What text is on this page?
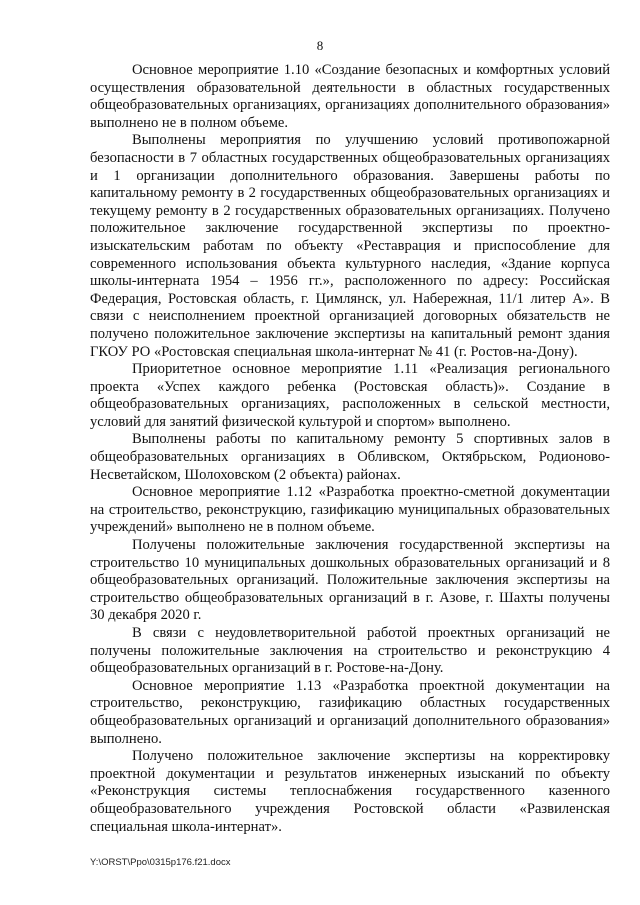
8

Основное мероприятие 1.10 «Создание безопасных и комфортных условий осуществления образовательной деятельности в областных государственных общеобразовательных организациях, организациях дополнительного образования» выполнено не в полном объеме.

Выполнены мероприятия по улучшению условий противопожарной безопасности в 7 областных государственных общеобразовательных организациях и 1 организации дополнительного образования. Завершены работы по капитальному ремонту в 2 государственных общеобразовательных организациях и текущему ремонту в 2 государственных образовательных организациях. Получено положительное заключение государственной экспертизы по проектно-изыскательским работам по объекту «Реставрация и приспособление для современного использования объекта культурного наследия, «Здание корпуса школы-интерната 1954 – 1956 гг.», расположенного по адресу: Российская Федерация, Ростовская область, г. Цимлянск, ул. Набережная, 11/1 литер А». В связи с неисполнением проектной организацией договорных обязательств не получено положительное заключение экспертизы на капитальный ремонт здания ГКОУ РО «Ростовская специальная школа-интернат № 41 (г. Ростов-на-Дону).

Приоритетное основное мероприятие 1.11 «Реализация регионального проекта «Успех каждого ребенка (Ростовская область)». Создание в общеобразовательных организациях, расположенных в сельской местности, условий для занятий физической культурой и спортом» выполнено.

Выполнены работы по капитальному ремонту 5 спортивных залов в общеобразовательных организациях в Обливском, Октябрьском, Родионово-Несветайском, Шолоховском (2 объекта) районах.

Основное мероприятие 1.12 «Разработка проектно-сметной документации на строительство, реконструкцию, газификацию муниципальных образовательных учреждений» выполнено не в полном объеме.

Получены положительные заключения государственной экспертизы на строительство 10 муниципальных дошкольных образовательных организаций и 8 общеобразовательных организаций. Положительные заключения экспертизы на строительство общеобразовательных организаций в г. Азове, г. Шахты получены 30 декабря 2020 г.

В связи с неудовлетворительной работой проектных организаций не получены положительные заключения на строительство и реконструкцию 4 общеобразовательных организаций в г. Ростове-на-Дону.

Основное мероприятие 1.13 «Разработка проектной документации на строительство, реконструкцию, газификацию областных государственных общеобразовательных организаций и организаций дополнительного образования» выполнено.

Получено положительное заключение экспертизы на корректировку проектной документации и результатов инженерных изысканий по объекту «Реконструкция системы теплоснабжения государственного казенного общеобразовательного учреждения Ростовской области «Развиленская специальная школа-интернат».

Y:\ORST\Ppo\0315p176.f21.docx
